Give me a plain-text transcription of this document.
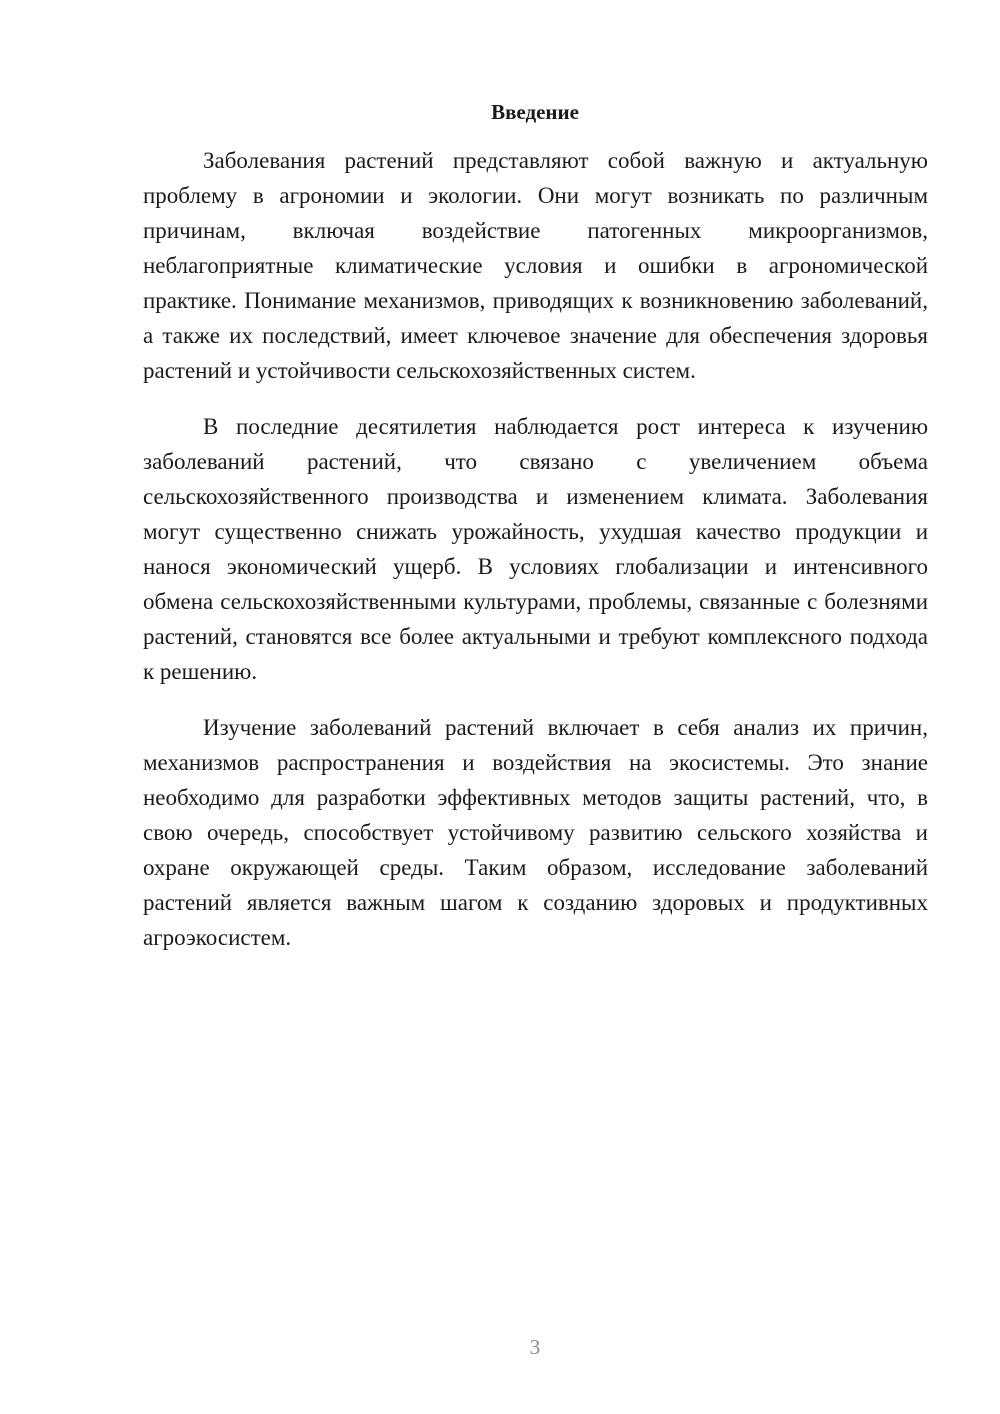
Введение

Заболевания растений представляют собой важную и актуальную проблему в агрономии и экологии. Они могут возникать по различным причинам, включая воздействие патогенных микроорганизмов, неблагоприятные климатические условия и ошибки в агрономической практике. Понимание механизмов, приводящих к возникновению заболеваний, а также их последствий, имеет ключевое значение для обеспечения здоровья растений и устойчивости сельскохозяйственных систем.

В последние десятилетия наблюдается рост интереса к изучению заболеваний растений, что связано с увеличением объема сельскохозяйственного производства и изменением климата. Заболевания могут существенно снижать урожайность, ухудшая качество продукции и нанося экономический ущерб. В условиях глобализации и интенсивного обмена сельскохозяйственными культурами, проблемы, связанные с болезнями растений, становятся все более актуальными и требуют комплексного подхода к решению.

Изучение заболеваний растений включает в себя анализ их причин, механизмов распространения и воздействия на экосистемы. Это знание необходимо для разработки эффективных методов защиты растений, что, в свою очередь, способствует устойчивому развитию сельского хозяйства и охране окружающей среды. Таким образом, исследование заболеваний растений является важным шагом к созданию здоровых и продуктивных агроэкосистем.

3
